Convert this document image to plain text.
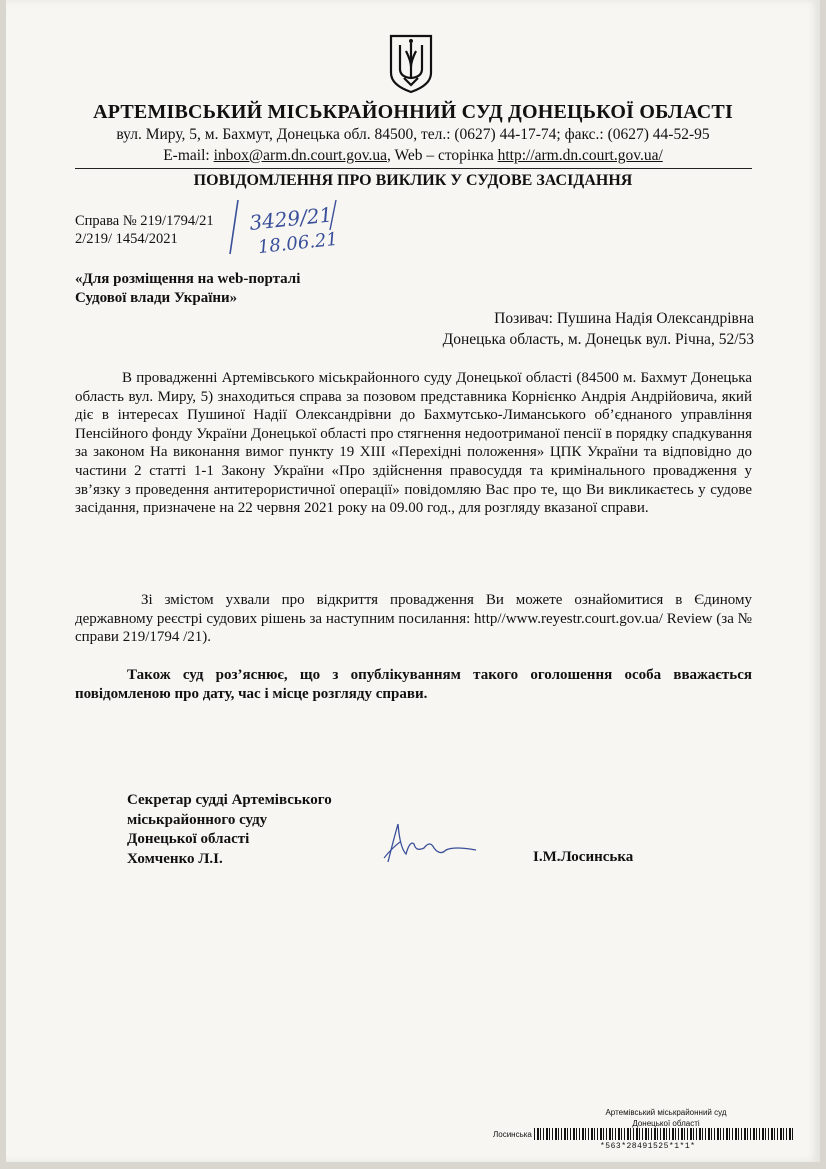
АРТЕМІВСЬКИЙ МІСЬКРАЙОННИЙ СУД ДОНЕЦЬКОЇ ОБЛАСТІ
вул. Миру, 5, м. Бахмут, Донецька обл. 84500, тел.: (0627) 44-17-74; факс.: (0627) 44-52-95
E-mail: inbox@arm.dn.court.gov.ua, Web – сторінка http://arm.dn.court.gov.ua/
ПОВІДОМЛЕННЯ ПРО ВИКЛИК У СУДОВЕ ЗАСІДАННЯ
Справа № 219/1794/21
2/219/ 1454/2021
3429/21
18.06.21
«Для розміщення на web-порталі
Судової влади України»
Позивач: Пушина Надія Олександрівна
Донецька область, м. Донецьк вул. Річна, 52/53
В провадженні Артемівського міськрайонного суду Донецької області (84500 м. Бахмут Донецька область вул. Миру, 5) знаходиться справа за позовом представника Корнієнко Андрія Андрійовича, який діє в інтересах Пушиної Надії Олександрівни до Бахмутсько-Лиманського об’єднаного управління Пенсійного фонду України Донецької області про стягнення недоотриманої пенсії в порядку спадкування за законом На виконання вимог пункту 19 ХІІІ «Перехідні положення» ЦПК України та відповідно до частини 2 статті 1-1 Закону України «Про здійснення правосуддя та кримінального провадження у зв’язку з проведення антитерористичної операції» повідомляю Вас про те, що Ви викликаєтесь у судове засідання, призначене на 22 червня 2021 року на 09.00 год., для розгляду вказаної справи.
Зі змістом ухвали про відкриття провадження Ви можете ознайомитися в Єдиному державному реєстрі судових рішень за наступним посилання: http//www.reyestr.court.gov.ua/ Review (за № справи 219/1794 /21).
Також суд роз’яснює, що з опублікуванням такого оголошення особа вважається повідомленою про дату, час і місце розгляду справи.
Секретар судді Артемівського
міськрайонного суду
Донецької області
Хомченко Л.І.	І.М.Лосинська
Артемівський міськрайонний суд
Донецької області
Лосинська
*563*28491525*1*1*
